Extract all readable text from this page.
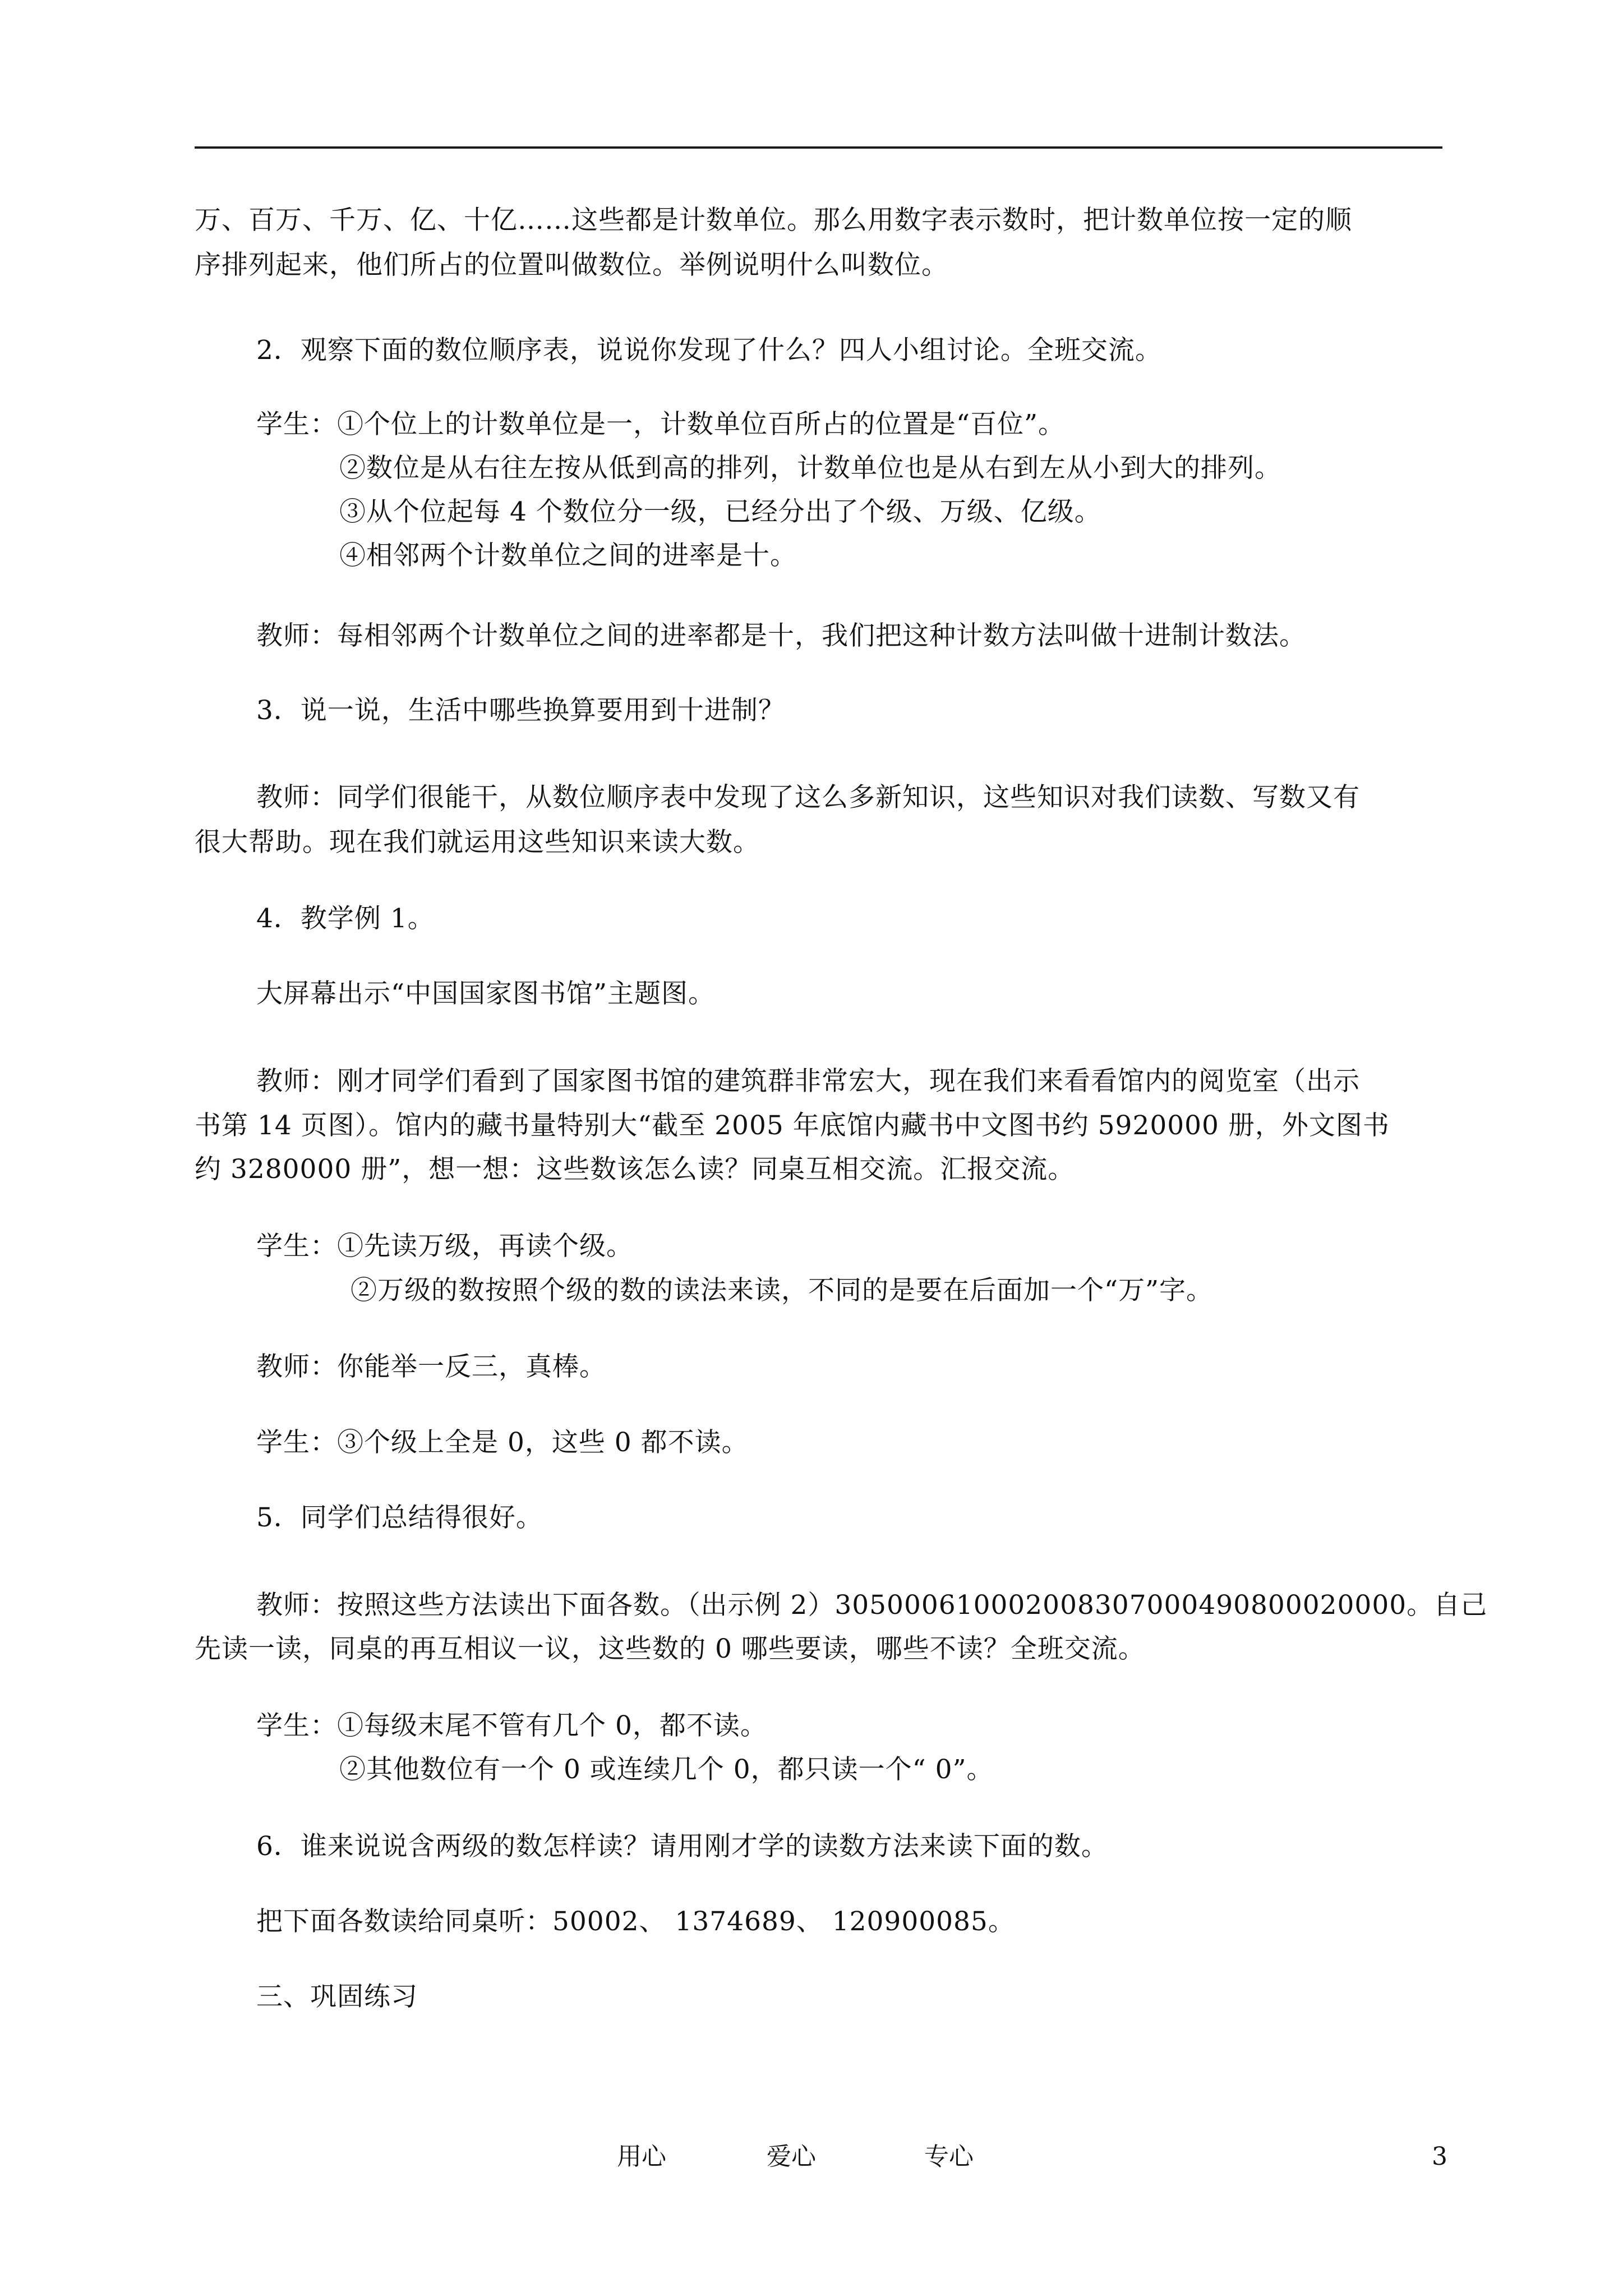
万、百万、千万、亿、十亿……这些都是计数单位。那么用数字表示数时，把计数单位按一定的顺
序排列起来，他们所占的位置叫做数位。举例说明什么叫数位。
2．观察下面的数位顺序表，说说你发现了什么？四人小组讨论。全班交流。
学生：①个位上的计数单位是一，计数单位百所占的位置是“百位”。
②数位是从右往左按从低到高的排列，计数单位也是从右到左从小到大的排列。
③从个位起每 4 个数位分一级，已经分出了个级、万级、亿级。
④相邻两个计数单位之间的进率是十。
教师：每相邻两个计数单位之间的进率都是十，我们把这种计数方法叫做十进制计数法。
3．说一说，生活中哪些换算要用到十进制？
教师：同学们很能干，从数位顺序表中发现了这么多新知识，这些知识对我们读数、写数又有
很大帮助。现在我们就运用这些知识来读大数。
4．教学例 1。
大屏幕出示“中国国家图书馆”主题图。
教师：刚才同学们看到了国家图书馆的建筑群非常宏大，现在我们来看看馆内的阅览室（出示
书第 14 页图）。馆内的藏书量特别大“截至 2005 年底馆内藏书中文图书约 5920000 册，外文图书
约 3280000 册”，想一想：这些数该怎么读？同桌互相交流。汇报交流。
学生：①先读万级，再读个级。
②万级的数按照个级的数的读法来读，不同的是要在后面加一个“万”字。
教师：你能举一反三，真棒。
学生：③个级上全是 0，这些 0 都不读。
5．同学们总结得很好。
教师：按照这些方法读出下面各数。（出示例 2）30500061000200830700049080002000​0。自己
先读一读，同桌的再互相议一议，这些数的 0 哪些要读，哪些不读？全班交流。
学生：①每级末尾不管有几个 0，都不读。
②其他数位有一个 0 或连续几个 0，都只读一个“ 0”。
6．谁来说说含两级的数怎样读？请用刚才学的读数方法来读下面的数。
把下面各数读给同桌听：50002、 1374689、 120900085。
三、巩固练习
用心	爱心	专心	3
